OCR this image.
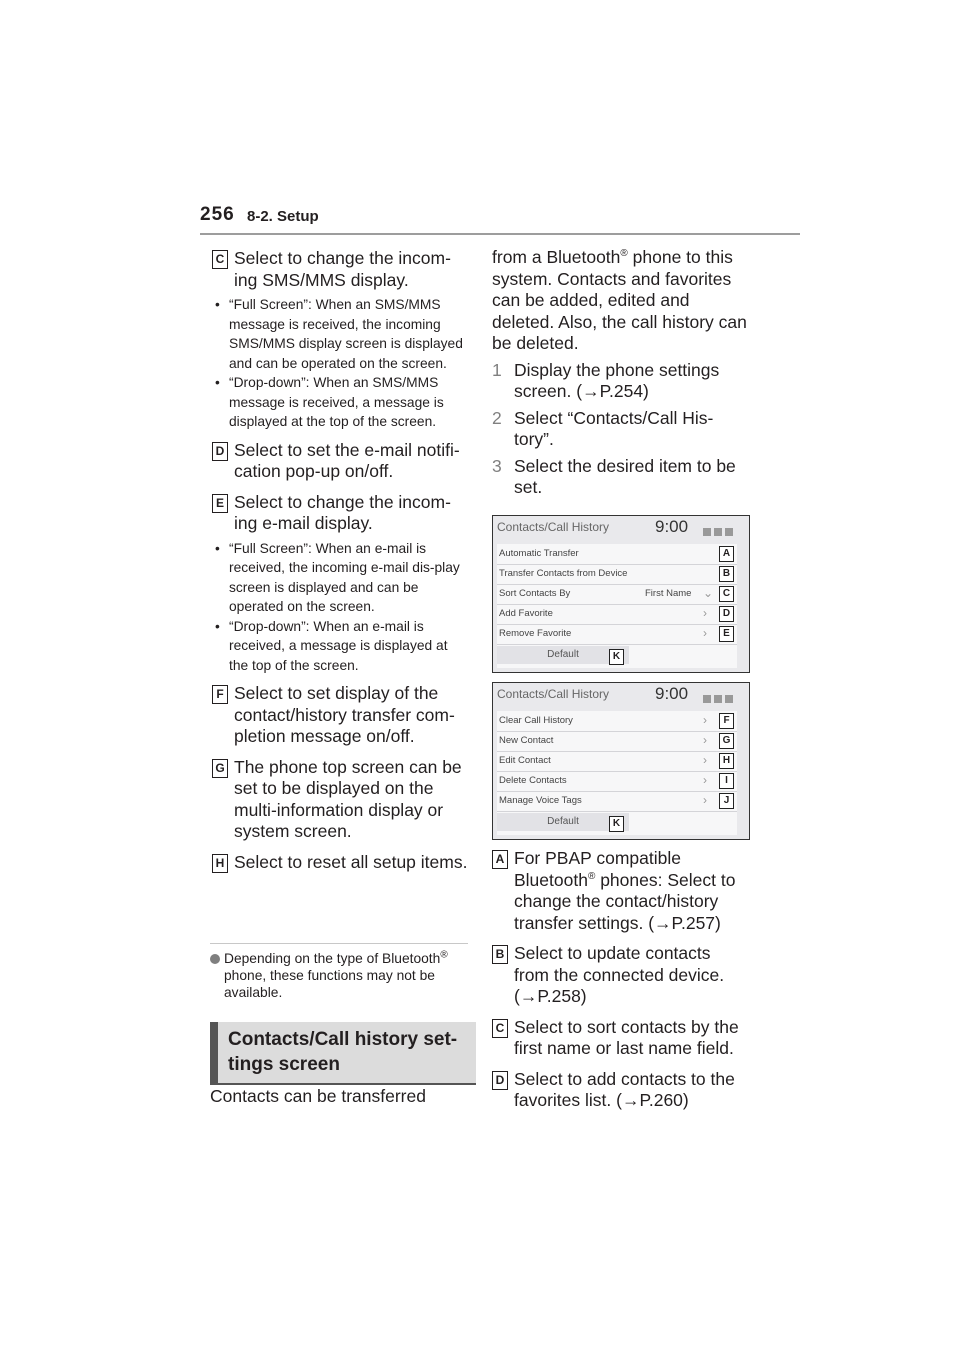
256 8-2. Setup
C Select to change the incom-ing SMS/MMS display.
• “Full Screen”: When an SMS/MMS message is received, the incoming SMS/MMS display screen is displayed and can be operated on the screen.
• “Drop-down”: When an SMS/MMS message is received, a message is displayed at the top of the screen.
D Select to set the e-mail notifi-cation pop-up on/off.
E Select to change the incom-ing e-mail display.
• “Full Screen”: When an e-mail is received, the incoming e-mail dis-play screen is displayed and can be operated on the screen.
• “Drop-down”: When an e-mail is received, a message is displayed at the top of the screen.
F Select to set display of the contact/history transfer com-pletion message on/off.
G The phone top screen can be set to be displayed on the multi-information display or system screen.
H Select to reset all setup items.
Depending on the type of Bluetooth® phone, these functions may not be available.
Contacts/Call history set-tings screen
Contacts can be transferred
from a Bluetooth® phone to this system. Contacts and favorites can be added, edited and deleted. Also, the call history can be deleted.
1 Display the phone settings screen. (→P.254)
2 Select “Contacts/Call His-tory”.
3 Select the desired item to be set.
Contacts/Call History	9:00
Automatic Transfer	A
Transfer Contacts from Device	B
Sort Contacts By	First Name ⌄ C
Add Favorite	›	D
Remove Favorite	›	E
Default	K
Contacts/Call History	9:00
Clear Call History	›	F
New Contact	›	G
Edit Contact	›	H
Delete Contacts	›	I
Manage Voice Tags	›	J
Default	K
A For PBAP compatible Bluetooth® phones: Select to change the contact/history transfer settings. (→P.257)
B Select to update contacts from the connected device. (→P.258)
C Select to sort contacts by the first name or last name field.
D Select to add contacts to the favorites list. (→P.260)
